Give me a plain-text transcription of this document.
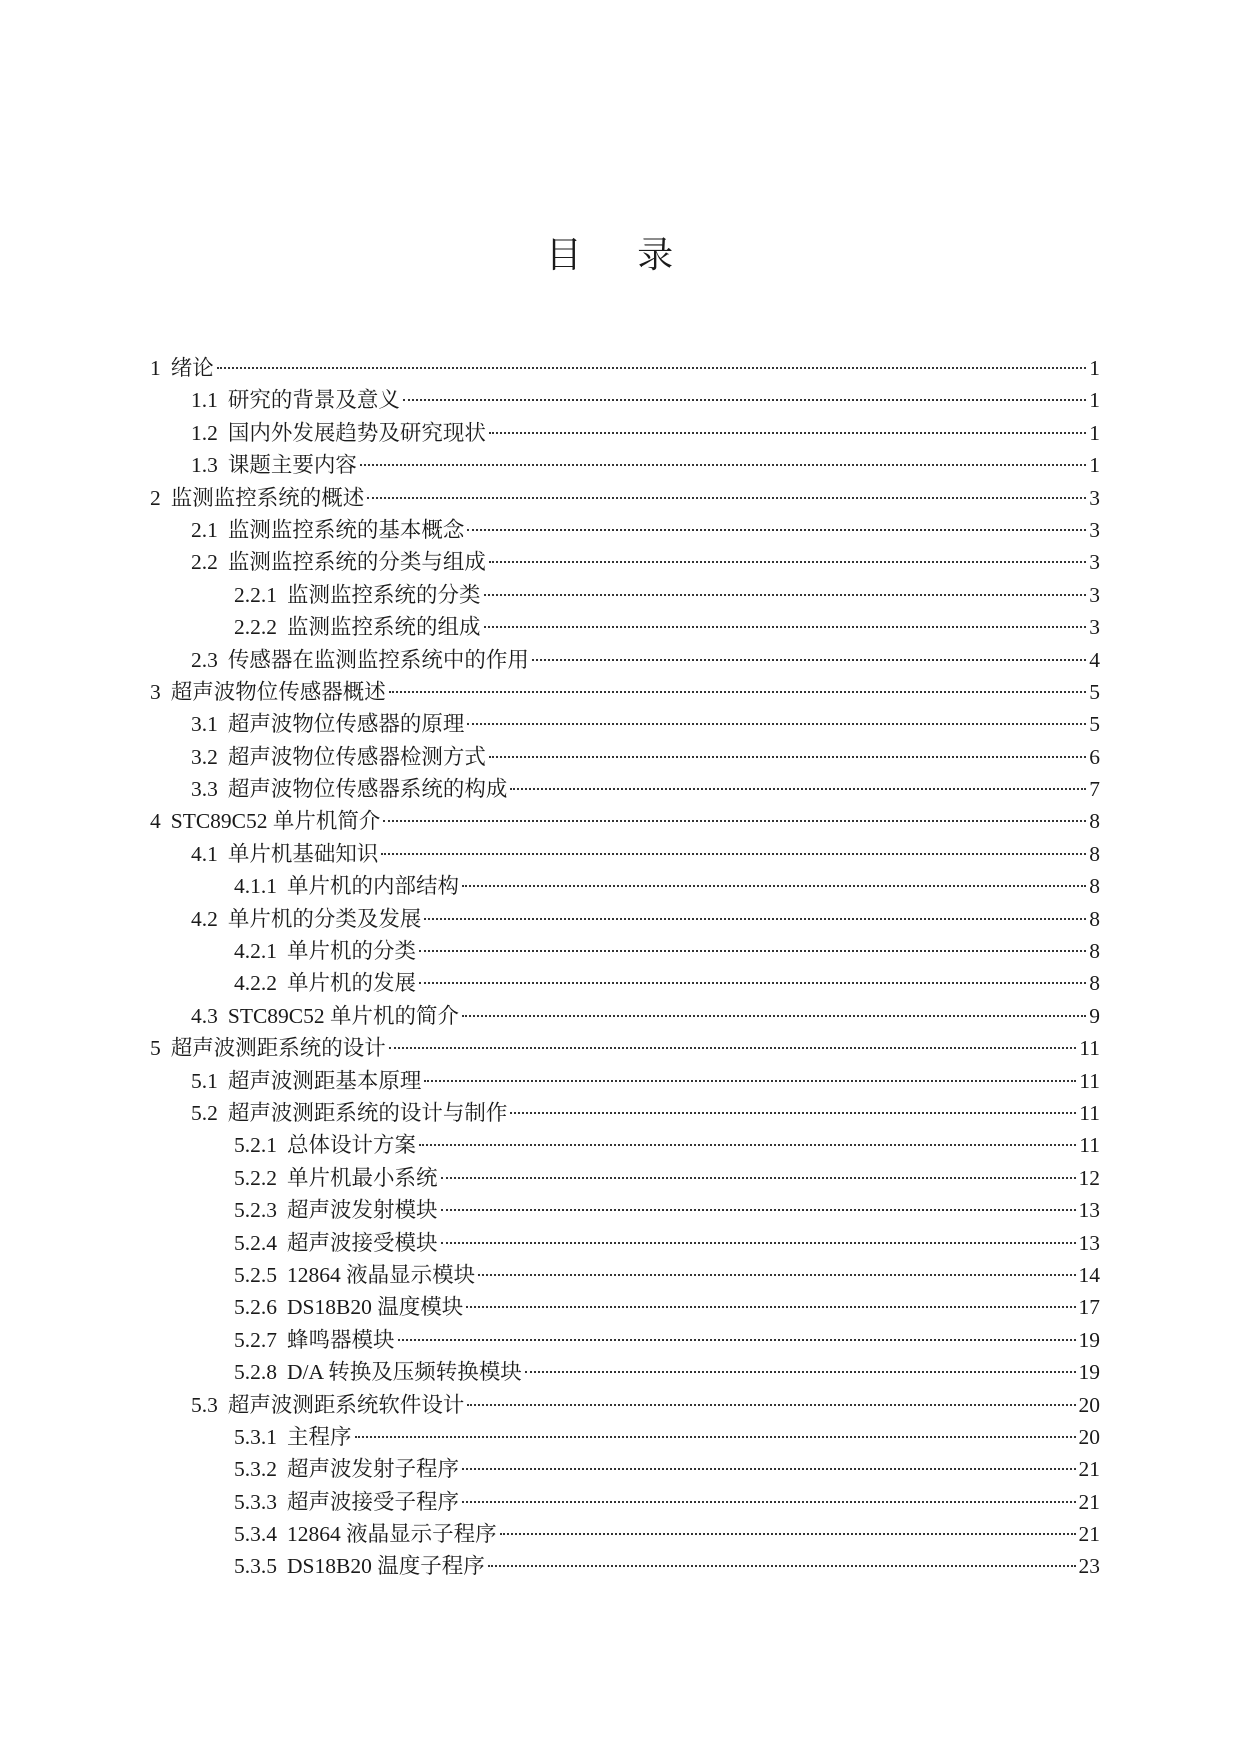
目 录
1 绪论	1
1.1 研究的背景及意义	1
1.2 国内外发展趋势及研究现状	1
1.3 课题主要内容	1
2 监测监控系统的概述	3
2.1 监测监控系统的基本概念	3
2.2 监测监控系统的分类与组成	3
2.2.1 监测监控系统的分类	3
2.2.2 监测监控系统的组成	3
2.3 传感器在监测监控系统中的作用	4
3 超声波物位传感器概述	5
3.1 超声波物位传感器的原理	5
3.2 超声波物位传感器检测方式	6
3.3 超声波物位传感器系统的构成	7
4 STC89C52 单片机简介	8
4.1 单片机基础知识	8
4.1.1 单片机的内部结构	8
4.2 单片机的分类及发展	8
4.2.1 单片机的分类	8
4.2.2 单片机的发展	8
4.3 STC89C52 单片机的简介	9
5 超声波测距系统的设计	11
5.1 超声波测距基本原理	11
5.2 超声波测距系统的设计与制作	11
5.2.1 总体设计方案	11
5.2.2 单片机最小系统	12
5.2.3 超声波发射模块	13
5.2.4 超声波接受模块	13
5.2.5 12864 液晶显示模块	14
5.2.6 DS18B20 温度模块	17
5.2.7 蜂鸣器模块	19
5.2.8 D/A 转换及压频转换模块	19
5.3 超声波测距系统软件设计	20
5.3.1 主程序	20
5.3.2 超声波发射子程序	21
5.3.3 超声波接受子程序	21
5.3.4 12864 液晶显示子程序	21
5.3.5 DS18B20 温度子程序	23
